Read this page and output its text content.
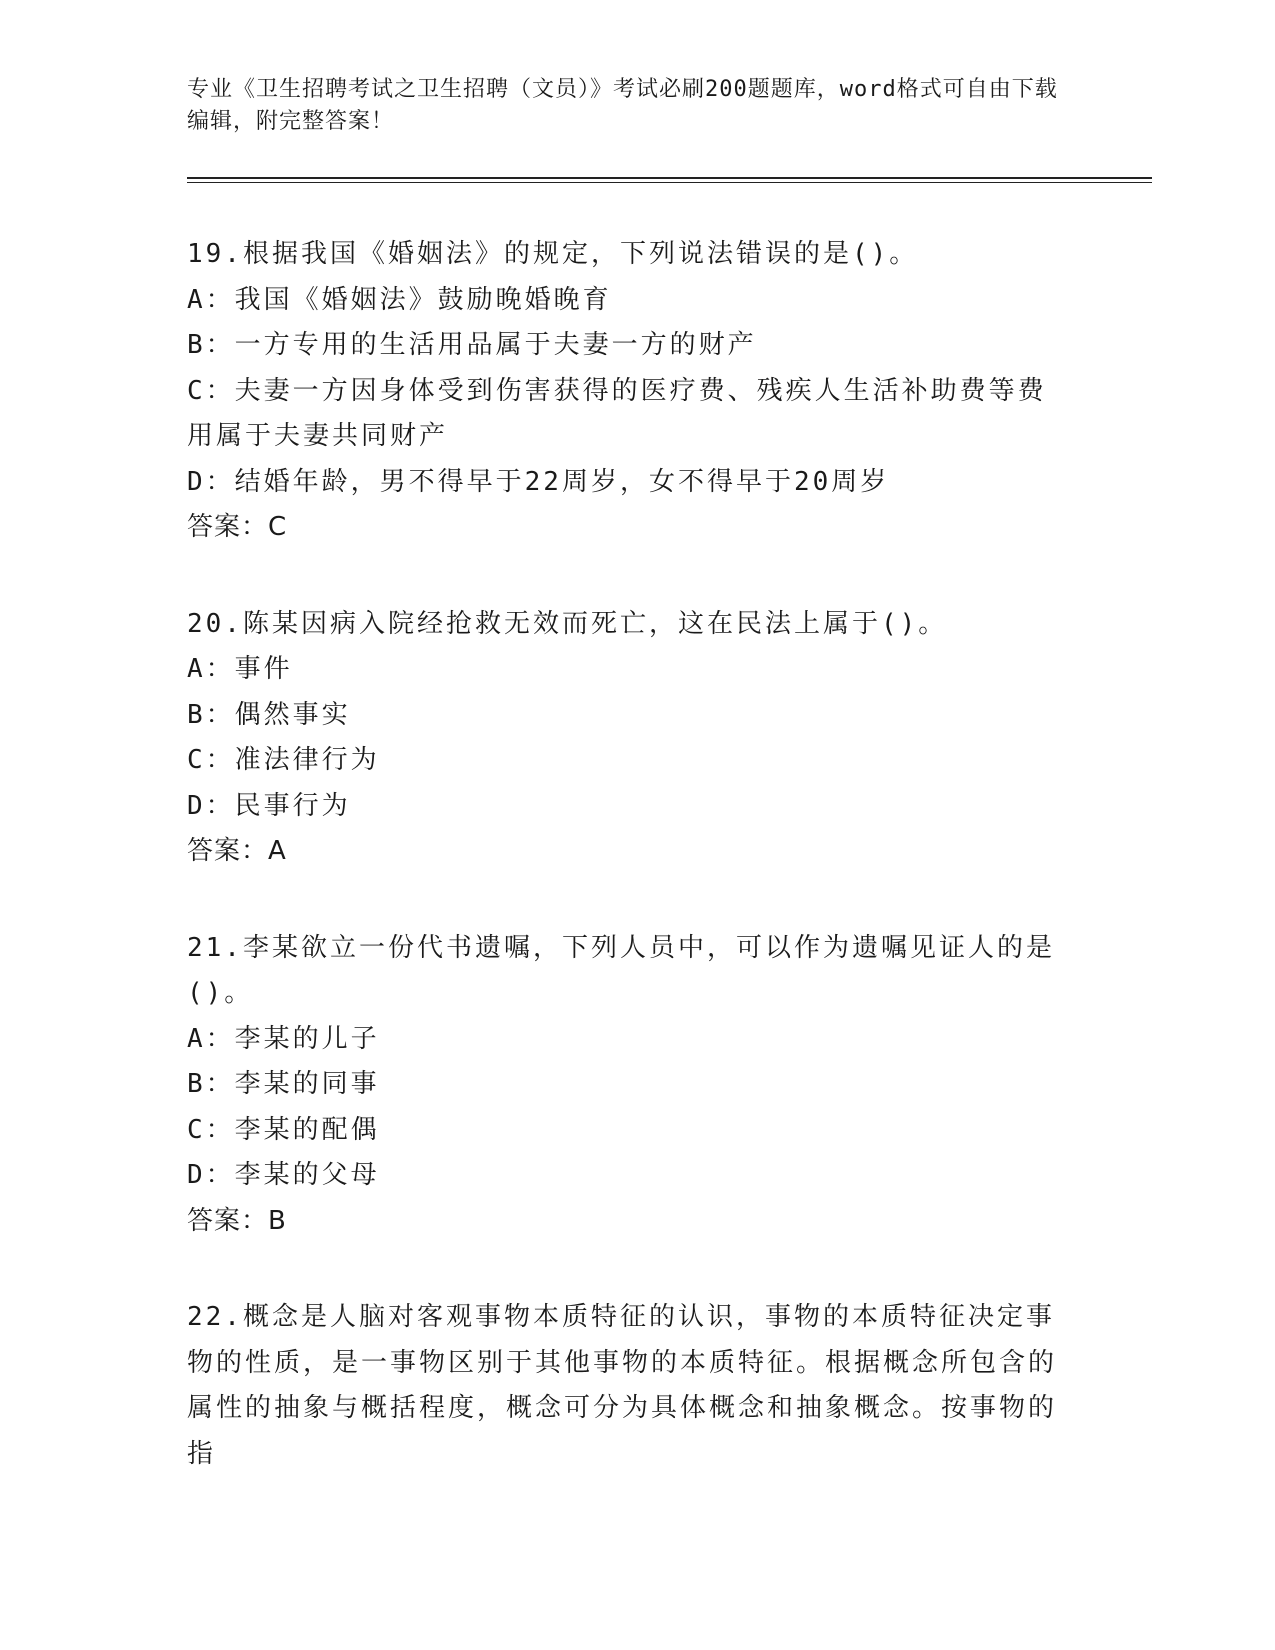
专业《卫生招聘考试之卫生招聘（文员）》考试必刷200题题库，word格式可自由下载编辑，附完整答案！
19.根据我国《婚姻法》的规定，下列说法错误的是()。
A：我国《婚姻法》鼓励晚婚晚育
B：一方专用的生活用品属于夫妻一方的财产
C：夫妻一方因身体受到伤害获得的医疗费、残疾人生活补助费等费用属于夫妻共同财产
D：结婚年龄，男不得早于22周岁，女不得早于20周岁
答案：C
20.陈某因病入院经抢救无效而死亡，这在民法上属于()。
A：事件
B：偶然事实
C：准法律行为
D：民事行为
答案：A
21.李某欲立一份代书遗嘱，下列人员中，可以作为遗嘱见证人的是()。
A：李某的儿子
B：李某的同事
C：李某的配偶
D：李某的父母
答案：B
22.概念是人脑对客观事物本质特征的认识，事物的本质特征决定事物的性质，是一事物区别于其他事物的本质特征。根据概念所包含的属性的抽象与概括程度，概念可分为具体概念和抽象概念。按事物的指
